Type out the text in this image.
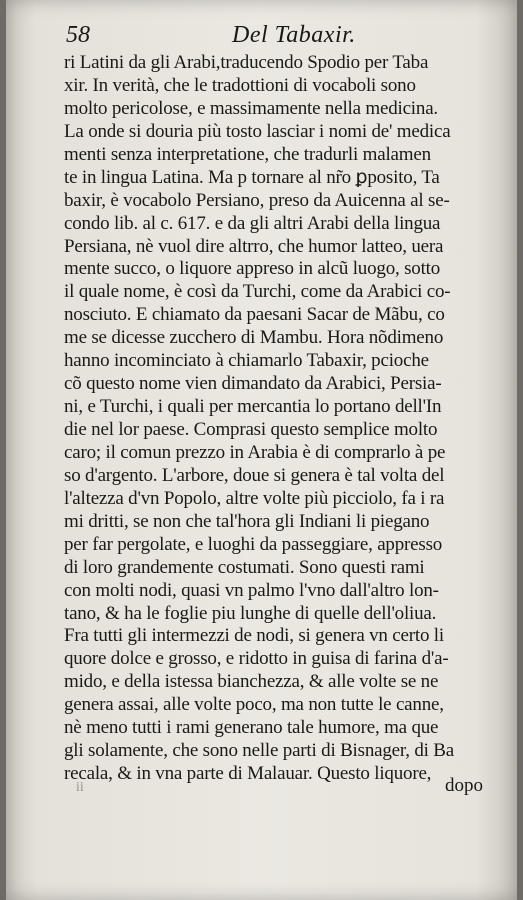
58	Del Tabaxir.
ri Latini da gli Arabi,traducendo Spodio per Taba
xir. In verità, che le tradottioni di vocaboli sono
molto pericolose, e massimamente nella medicina.
La onde si douria più tosto lasciar i nomi de' medica
menti senza interpretatione, che tradurli malamen
te in lingua Latina. Ma p tornare al nr̃o ꝑposito, Ta
baxir, è vocabolo Persiano, preso da Auicenna al se-
condo lib. al c. 617. e da gli altri Arabi della lingua
Persiana, nè vuol dire altrro, che humor latteo, uera
mente succo, o liquore appreso in alcũ luogo, sotto
il quale nome, è così da Turchi, come da Arabici co-
nosciuto. E chiamato da paesani Sacar de Mãbu, co
me se dicesse zucchero di Mambu. Hora nõdimeno
hanno incominciato à chiamarlo Tabaxir, pcioche
cõ questo nome vien dimandato da Arabici, Persia-
ni, e Turchi, i quali per mercantia lo portano dell'In
die nel lor paese. Comprasi questo semplice molto
caro; il comun prezzo in Arabia è di comprarlo à pe
so d'argento. L'arbore, doue si genera è tal volta del
l'altezza d'vn Popolo, altre volte più picciolo, fa i ra
mi dritti, se non che tal'hora gli Indiani li piegano
per far pergolate, e luoghi da passeggiare, appresso
di loro grandemente costumati. Sono questi rami
con molti nodi, quasi vn palmo l'vno dall'altro lon-
tano, & ha le foglie piu lunghe di quelle dell'oliua.
Fra tutti gli intermezzi de nodi, si genera vn certo li
quore dolce e grosso, e ridotto in guisa di farina d'a-
mido, e della istessa bianchezza, & alle volte se ne
genera assai, alle volte poco, ma non tutte le canne,
nè meno tutti i rami generano tale humore, ma que
gli solamente, che sono nelle parti di Bisnager, di Ba
recala, & in vna parte di Malauar. Questo liquore,
ii	dopo
